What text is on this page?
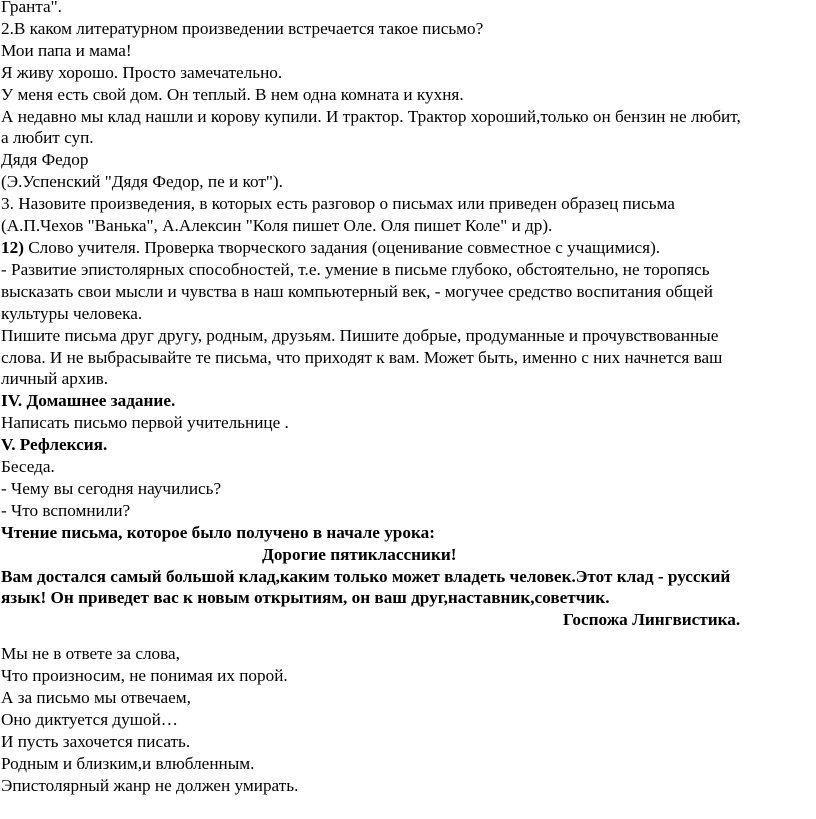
Гранта".

2.В каком литературном произведении встречается такое письмо?

Мои папа и мама!

Я живу хорошо. Просто замечательно.

У меня есть свой дом. Он теплый. В нем одна комната и кухня.

А недавно мы клад нашли и корову купили. И трактор. Трактор хороший,только он бензин не любит,

а любит суп.

Дядя Федор

(Э.Успенский "Дядя Федор, пе и кот").

3. Назовите произведения, в которых есть разговор о письмах или приведен образец письма

(А.П.Чехов "Ванька", А.Алексин "Коля пишет Оле. Оля пишет Коле" и др).

12) Слово учителя. Проверка творческого задания (оценивание совместное с учащимися).

- Развитие эпистолярных способностей, т.е. умение в письме глубоко, обстоятельно, не торопясь

высказать свои мысли и чувства в наш компьютерный век, - могучее средство воспитания общей

культуры человека.

Пишите письма друг другу, родным, друзьям. Пишите добрые, продуманные и прочувствованные

слова. И не выбрасывайте те письма, что приходят к вам. Может быть, именно с них начнется ваш

личный архив.

IV. Домашнее задание.

Написать письмо первой учительнице .

V. Рефлексия.

Беседа.

- Чему вы сегодня научились?

- Что вспомнили?

Чтение письма, которое было получено в начале урока:

Дорогие пятиклассники!

Вам достался самый большой клад,каким только может владеть человек.Этот клад - русский

язык! Он приведет вас к новым открытиям, он ваш друг,наставник,советчик.

Госпожа Лингвистика.

Мы не в ответе за слова,

Что произносим, не понимая их порой.

А за письмо мы отвечаем,

Оно диктуется душой…

И пусть захочется писать.

Родным и близким,и влюбленным.

Эпистолярный жанр не должен умирать.
